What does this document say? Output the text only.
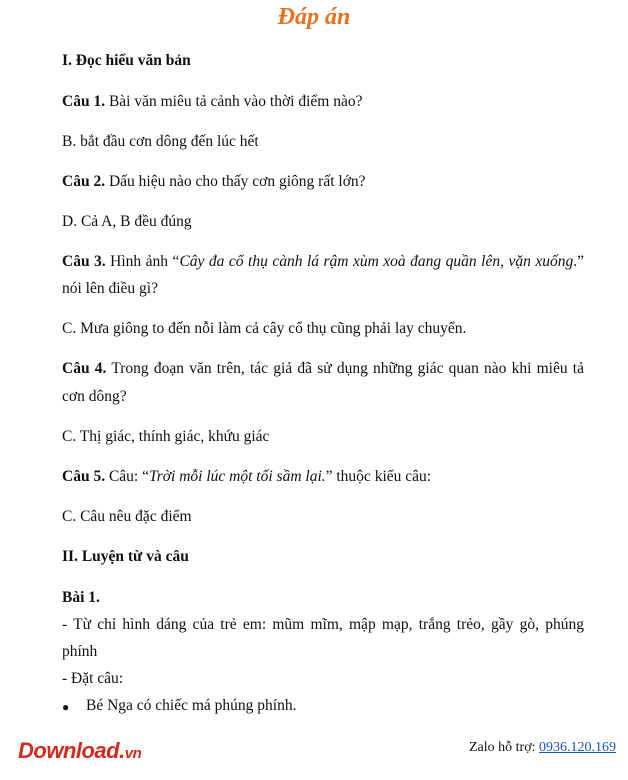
Đáp án
I. Đọc hiểu văn bản
Câu 1. Bài văn miêu tả cảnh vào thời điểm nào?
B. bắt đầu cơn dông đến lúc hết
Câu 2. Dấu hiệu nào cho thấy cơn giông rất lớn?
D. Cả A, B đều đúng
Câu 3. Hình ảnh “Cây đa cổ thụ cành lá rậm xùm xoà đang quần lên, vặn xuống.”
nói lên điều gì?
C. Mưa giông to đến nỗi làm cả cây cổ thụ cũng phải lay chuyển.
Câu 4. Trong đoạn văn trên, tác giả đã sử dụng những giác quan nào khi miêu tả
cơn dông?
C. Thị giác, thính giác, khứu giác
Câu 5. Câu: “Trời mỗi lúc một tối sầm lại.” thuộc kiểu câu:
C. Câu nêu đặc điểm
II. Luyện từ và câu
Bài 1.
- Từ chỉ hình dáng của trẻ em: mũm mĩm, mập mạp, trắng trẻo, gầy gò, phúng
phính
- Đặt câu:
● Bé Nga có chiếc má phúng phính.
Download.vn	Zalo hỗ trợ: 0936.120.169
